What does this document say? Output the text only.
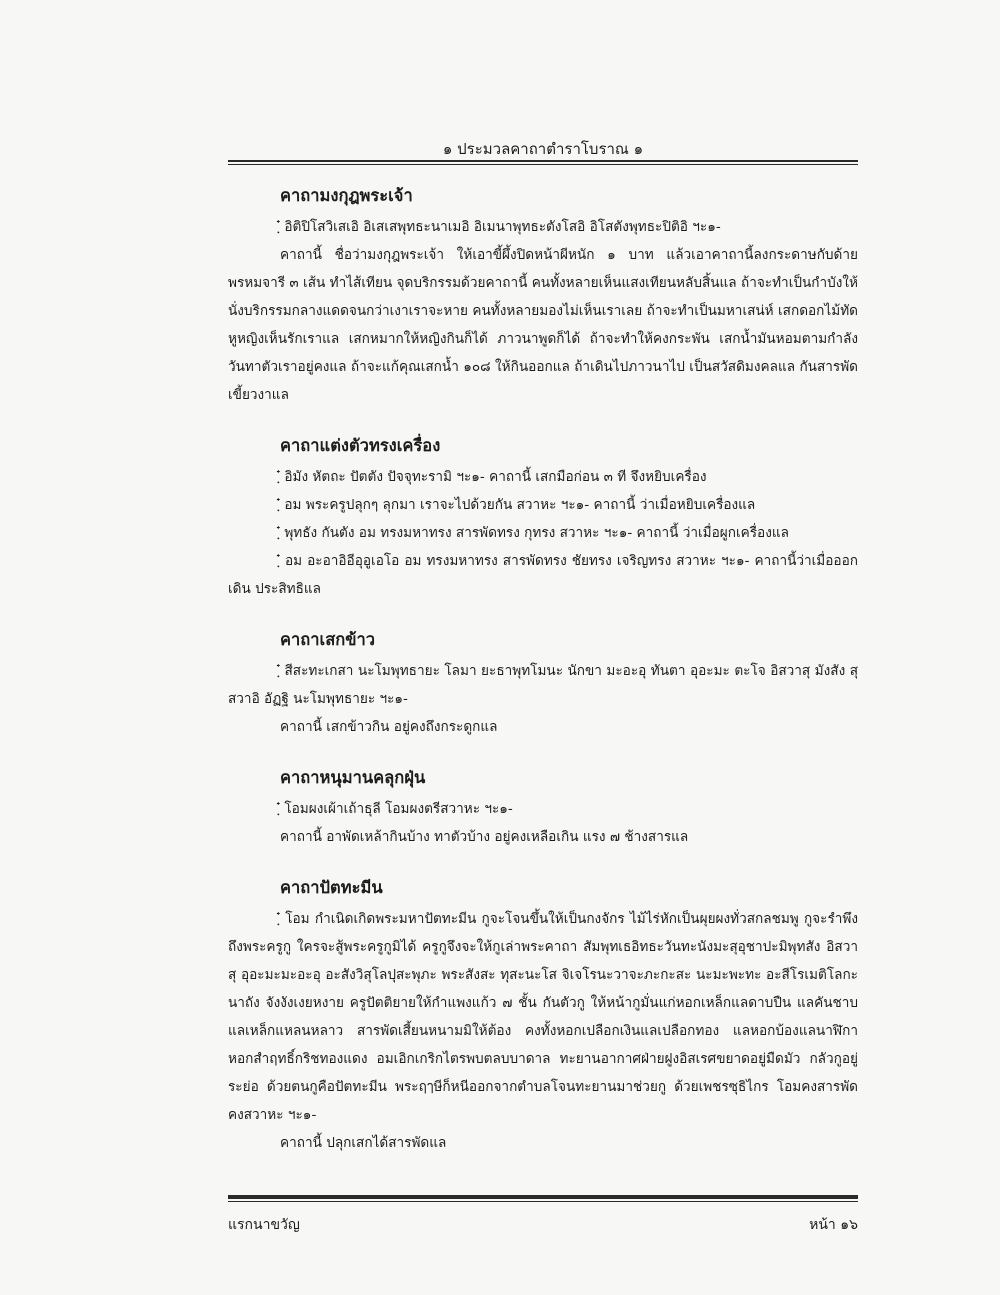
๑ ประมวลคาถาตำราโบราณ ๑
คาถามงกุฎพระเจ้า

ฺ๋ อิติปิโสวิเสเอิ อิเสเสพุทธะนาเมอิ อิเมนาพุทธะตังโสอิ อิโสตังพุทธะปิติอิ ฯะ๑-

คาถานี้ ชื่อว่ามงกุฎพระเจ้า ให้เอาขี้ผึ้งปิดหน้าผีหนัก ๑ บาท แล้วเอาคาถานี้ลงกระดาษกับด้ายพรหมจารี ๓ เส้น ทำไส้เทียน จุดบริกรรมด้วยคาถานี้ คนทั้งหลายเห็นแสงเทียนหลับสิ้นแล ถ้าจะทำเป็นกำบังให้นั่งบริกรรมกลางแดดจนกว่าเงาเราจะหาย คนทั้งหลายมองไม่เห็นเราเลย ถ้าจะทำเป็นมหาเสน่ห์ เสกดอกไม้ทัดหูหญิงเห็นรักเราแล เสกหมากให้หญิงกินก็ได้ ภาวนาพูดก็ได้ ถ้าจะทำให้คงกระพัน เสกน้ำมันหอมตามกำลังวันทาตัวเราอยู่คงแล ถ้าจะแก้คุณเสกน้ำ ๑๐๘ ให้กินออกแล ถ้าเดินไปภาวนาไป เป็นสวัสดิมงคลแล กันสารพัดเขี้ยวงาแล

คาถาแต่งตัวทรงเครื่อง

ฺ๋ อิมัง หัตถะ ปัตตัง ปัจจุทะรามิ ฯะ๑- คาถานี้ เสกมือก่อน ๓ ที จึงหยิบเครื่อง

ฺ๋ อม พระครูปลุกๆ ลุกมา เราจะไปด้วยกัน สวาหะ ฯะ๑- คาถานี้ ว่าเมื่อหยิบเครื่องแล

ฺ๋ พุทธัง กันตัง อม ทรงมหาทรง สารพัดทรง กุทรง สวาหะ ฯะ๑- คาถานี้ ว่าเมื่อผูกเครื่องแล

ฺ๋ อม อะอาอิอีอุอูเอโอ อม ทรงมหาทรง สารพัดทรง ชัยทรง เจริญทรง สวาหะ ฯะ๑- คาถานี้ว่าเมื่อออกเดิน ประสิทธิแล

คาถาเสกข้าว

ฺ๋ สีสะทะเกสา นะโมพุทธายะ โลมา ยะธาพุทโมนะ นักขา มะอะอุ ทันตา อุอะมะ ตะโจ อิสวาสุ มังสัง สุสวาอิ อัฏฐิ นะโมพุทธายะ ฯะ๑-

คาถานี้ เสกข้าวกิน อยู่คงถึงกระดูกแล

คาถาหนุมานคลุกฝุ่น

ฺ๋ โอมผงเผ้าเถ้าธุลี โอมผงตรีสวาหะ ฯะ๑-

คาถานี้ อาพัดเหล้ากินบ้าง ทาตัวบ้าง อยู่คงเหลือเกิน แรง ๗ ช้างสารแล

คาถาปัตทะมีน

ฺ๋ โอม กำเนิดเกิดพระมหาปัตทะมีน กูจะโจนขึ้นให้เป็นกงจักร ไม้ไร่หักเป็นผุยผงทั่วสกลชมพู กูจะรำพึงถึงพระครูกู ใครจะสู้พระครูกูมิได้ ครูกูจึงจะให้กูเล่าพระคาถา สัมพุทเธอิทธะวันทะนังมะสุอุชาปะมิพุทสัง อิสวาสุ อุอะมะมะอะอุ อะสังวิสุโลปุสะพุภะ พระสังสะ ทุสะนะโส จิเจโรนะวาจะภะกะสะ นะมะพะทะ อะสีโรเมติโลกะนาถัง จังงังเงยหงาย ครูปัตติยายให้กำแพงแก้ว ๗ ชั้น กันตัวกู ให้หน้ากูมั่นแก่หอกเหล็กแลดาบปืน แลคันชาบแลเหล็กแหลนหลาว สารพัดเสี้ยนหนามมิให้ต้อง คงทั้งหอกเปลือกเงินแลเปลือกทอง แลหอกบ้องแลนาฬิกา หอกสำฤทธิ์กริชทองแดง อมเอิกเกริกไตรพบตลบบาดาล ทะยานอากาศฝ่ายฝูงอิสเรศขยาดอยู่มืดมัว กลัวกูอยู่ระย่อ ด้วยตนกูคือปัตทะมีน พระฤๅษีก็หนีออกจากตำบลโจนทะยานมาช่วยกู ด้วยเพชรซุธิไกร โอมคงสารพัดคงสวาหะ ฯะ๑-

คาถานี้ ปลุกเสกได้สารพัดแล

แรกนาขวัญ	หน้า ๑๖
